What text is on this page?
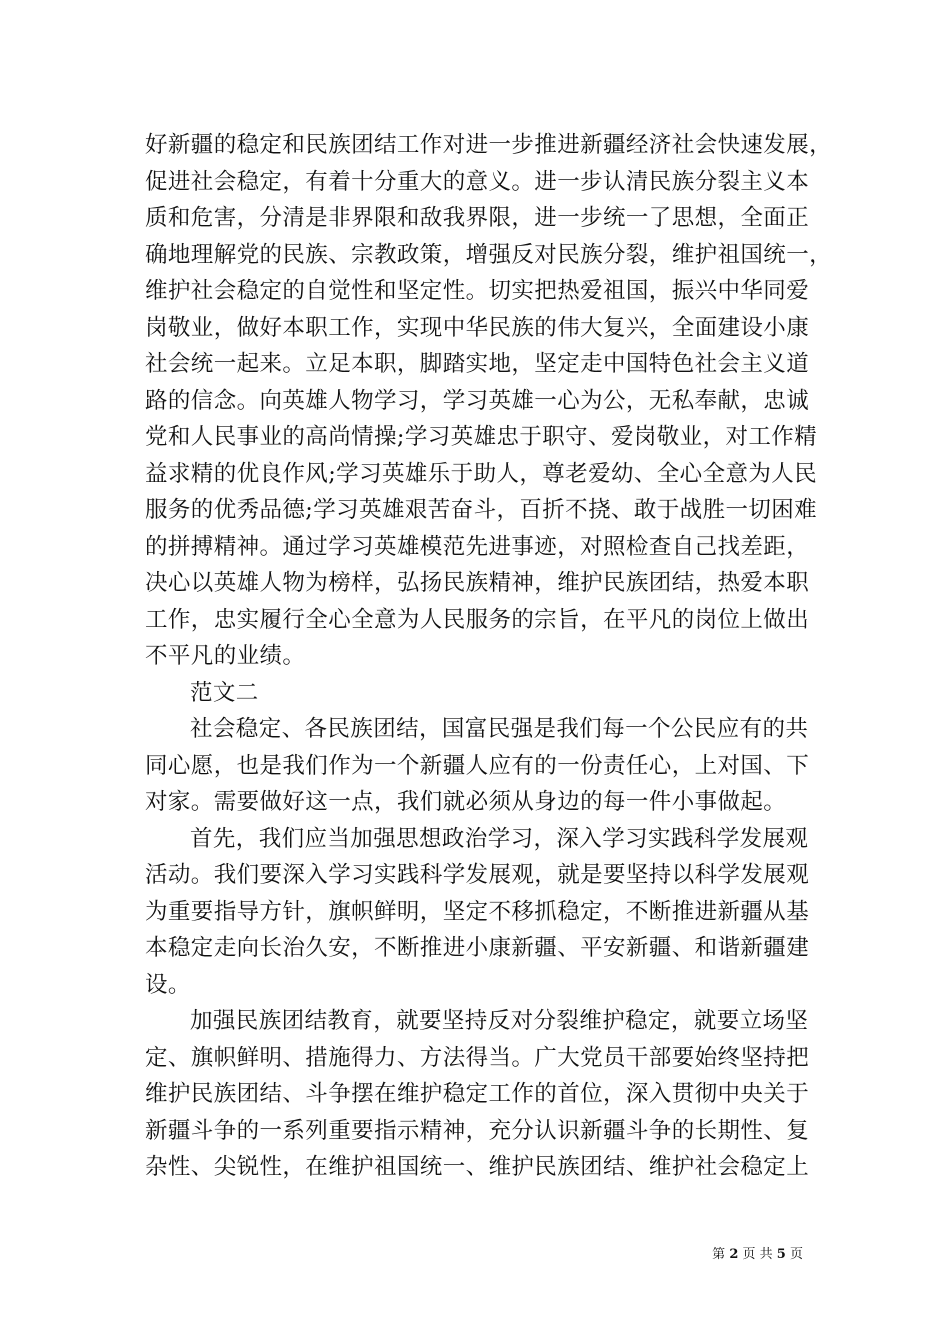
好新疆的稳定和民族团结工作对进一步推进新疆经济社会快速发展，
促进社会稳定，有着十分重大的意义。进一步认清民族分裂主义本
质和危害，分清是非界限和敌我界限，进一步统一了思想，全面正
确地理解党的民族、宗教政策，增强反对民族分裂，维护祖国统一，
维护社会稳定的自觉性和坚定性。切实把热爱祖国，振兴中华同爱
岗敬业，做好本职工作，实现中华民族的伟大复兴，全面建设小康
社会统一起来。立足本职，脚踏实地，坚定走中国特色社会主义道
路的信念。向英雄人物学习，学习英雄一心为公，无私奉献，忠诚
党和人民事业的高尚情操;学习英雄忠于职守、爱岗敬业，对工作精
益求精的优良作风;学习英雄乐于助人，尊老爱幼、全心全意为人民
服务的优秀品德;学习英雄艰苦奋斗，百折不挠、敢于战胜一切困难
的拼搏精神。通过学习英雄模范先进事迹，对照检查自己找差距，
决心以英雄人物为榜样，弘扬民族精神，维护民族团结，热爱本职
工作，忠实履行全心全意为人民服务的宗旨，在平凡的岗位上做出
不平凡的业绩。
范文二
社会稳定、各民族团结，国富民强是我们每一个公民应有的共
同心愿，也是我们作为一个新疆人应有的一份责任心，上对国、下
对家。需要做好这一点，我们就必须从身边的每一件小事做起。
首先，我们应当加强思想政治学习，深入学习实践科学发展观
活动。我们要深入学习实践科学发展观，就是要坚持以科学发展观
为重要指导方针，旗帜鲜明，坚定不移抓稳定，不断推进新疆从基
本稳定走向长治久安，不断推进小康新疆、平安新疆、和谐新疆建
设。
加强民族团结教育，就要坚持反对分裂维护稳定，就要立场坚
定、旗帜鲜明、措施得力、方法得当。广大党员干部要始终坚持把
维护民族团结、斗争摆在维护稳定工作的首位，深入贯彻中央关于
新疆斗争的一系列重要指示精神，充分认识新疆斗争的长期性、复
杂性、尖锐性，在维护祖国统一、维护民族团结、维护社会稳定上
第 2 页 共 5 页
